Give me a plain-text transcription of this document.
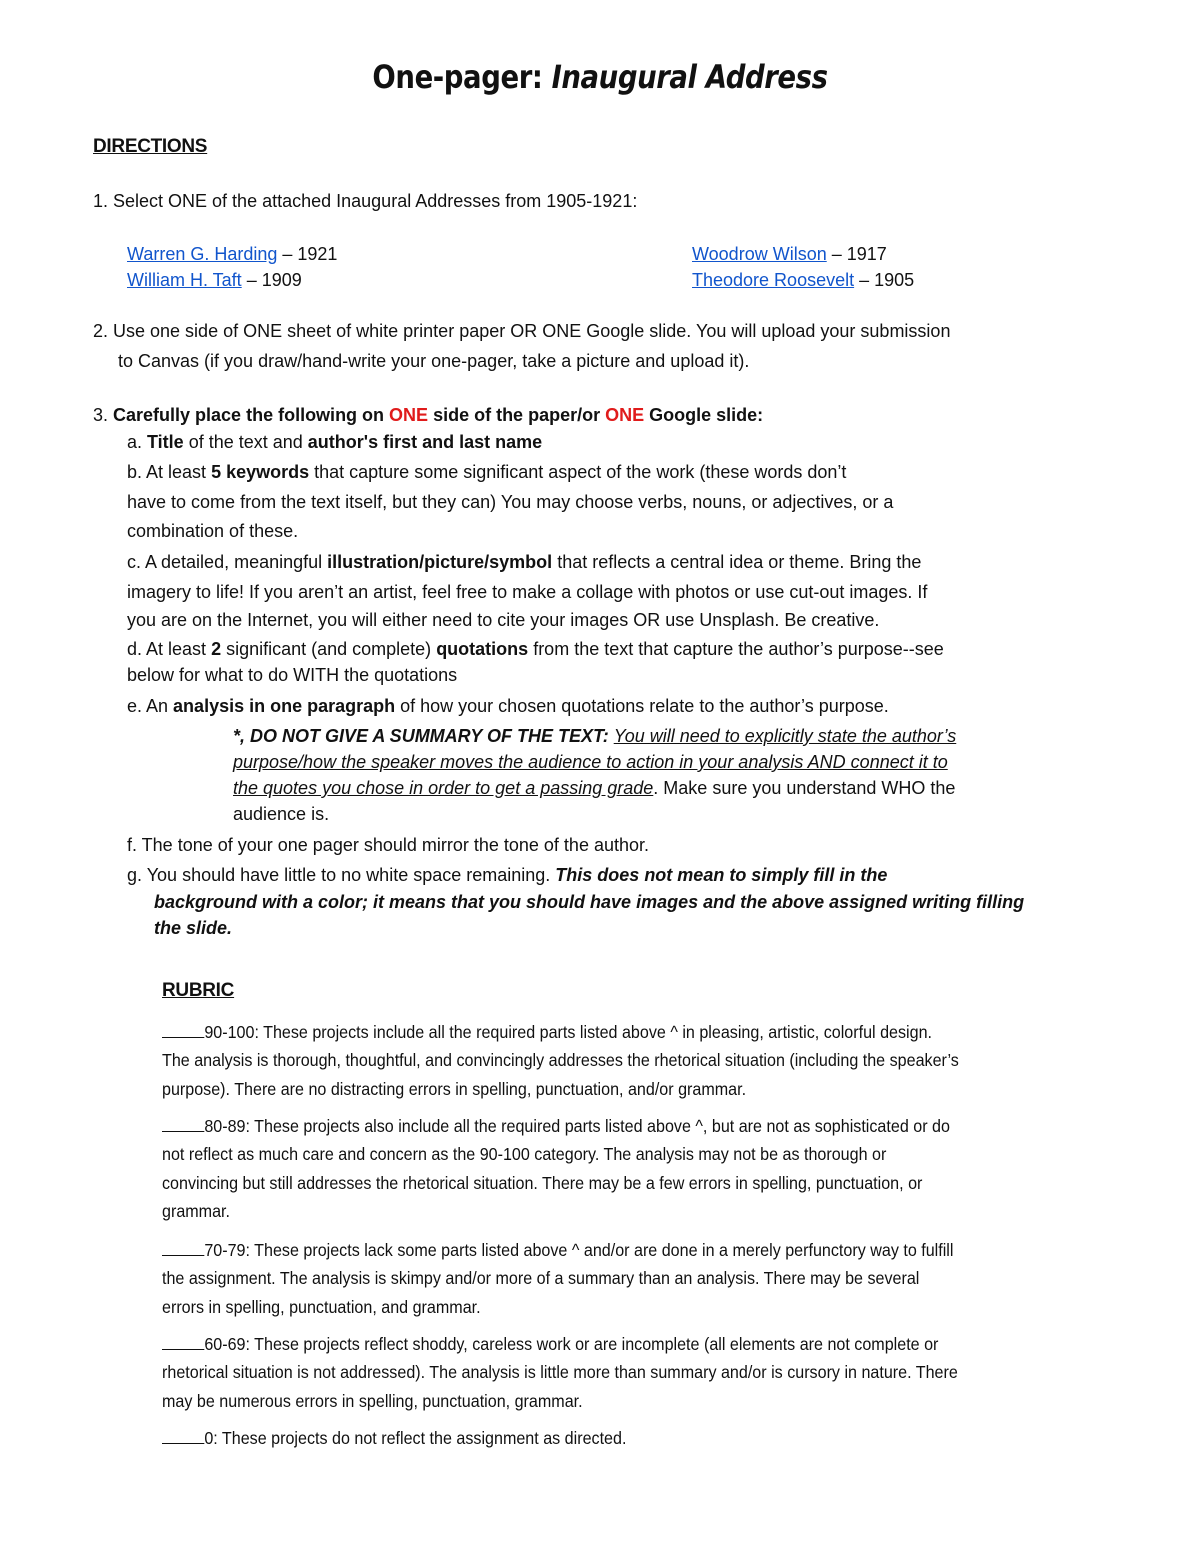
One-pager: Inaugural Address
DIRECTIONS
1. Select ONE of the attached Inaugural Addresses from 1905-1921:
Warren G. Harding – 1921	Woodrow Wilson – 1917
William H. Taft – 1909	Theodore Roosevelt – 1905
2. Use one side of ONE sheet of white printer paper OR ONE Google slide. You will upload your submission
to Canvas (if you draw/hand-write your one-pager, take a picture and upload it).
3. Carefully place the following on ONE side of the paper/or ONE Google slide:
a. Title of the text and author's first and last name
b. At least 5 keywords that capture some significant aspect of the work (these words don’t
have to come from the text itself, but they can) You may choose verbs, nouns, or adjectives, or a
combination of these.
c. A detailed, meaningful illustration/picture/symbol that reflects a central idea or theme. Bring the
imagery to life! If you aren’t an artist, feel free to make a collage with photos or use cut-out images. If
you are on the Internet, you will either need to cite your images OR use Unsplash. Be creative.
d. At least 2 significant (and complete) quotations from the text that capture the author’s purpose--see
below for what to do WITH the quotations
e. An analysis in one paragraph of how your chosen quotations relate to the author’s purpose.
*, DO NOT GIVE A SUMMARY OF THE TEXT: You will need to explicitly state the author’s
purpose/how the speaker moves the audience to action in your analysis AND connect it to
the quotes you chose in order to get a passing grade. Make sure you understand WHO the
audience is.
f. The tone of your one pager should mirror the tone of the author.
g. You should have little to no white space remaining. This does not mean to simply fill in the
background with a color; it means that you should have images and the above assigned writing filling
the slide.
RUBRIC
90-100: These projects include all the required parts listed above ^ in pleasing, artistic, colorful design.
The analysis is thorough, thoughtful, and convincingly addresses the rhetorical situation (including the speaker’s
purpose). There are no distracting errors in spelling, punctuation, and/or grammar.
80-89: These projects also include all the required parts listed above ^, but are not as sophisticated or do
not reflect as much care and concern as the 90-100 category. The analysis may not be as thorough or
convincing but still addresses the rhetorical situation. There may be a few errors in spelling, punctuation, or
grammar.
70-79: These projects lack some parts listed above ^ and/or are done in a merely perfunctory way to fulfill
the assignment. The analysis is skimpy and/or more of a summary than an analysis. There may be several
errors in spelling, punctuation, and grammar.
60-69: These projects reflect shoddy, careless work or are incomplete (all elements are not complete or
rhetorical situation is not addressed). The analysis is little more than summary and/or is cursory in nature. There
may be numerous errors in spelling, punctuation, grammar.
0: These projects do not reflect the assignment as directed.
